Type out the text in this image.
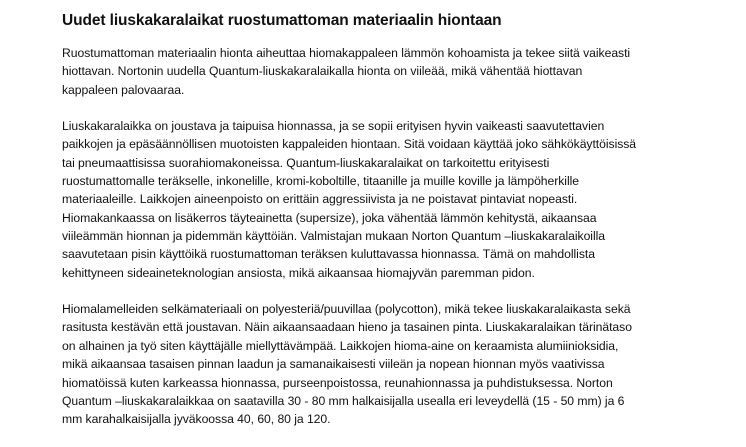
Uudet liuskakaralaikat ruostumattoman materiaalin hiontaan
Ruostumattoman materiaalin hionta aiheuttaa hiomakappaleen lämmön kohoamista ja tekee siitä vaikeasti
hiottavan. Nortonin uudella Quantum-liuskakaralaikalla hionta on viileää, mikä vähentää hiottavan
kappaleen palovaaraa.
Liuskakaralaikka on joustava ja taipuisa hionnassa, ja se sopii erityisen hyvin vaikeasti saavutettavien
paikkojen ja epäsäännöllisen muotoisten kappaleiden hiontaan. Sitä voidaan käyttää joko sähkökäyttöisissä
tai pneumaattisissa suorahiomakoneissa. Quantum-liuskakaralaikat on tarkoitettu erityisesti
ruostumattomalle teräkselle, inkonelille, kromi-koboltille, titaanille ja muille koville ja lämpöherkille
materiaaleille. Laikkojen aineenpoisto on erittäin aggressiivista ja ne poistavat pintaviat nopeasti.
Hiomakankaassa on lisäkerros täyteainetta (supersize), joka vähentää lämmön kehitystä, aikaansaa
viileämmän hionnan ja pidemmän käyttöiän. Valmistajan mukaan Norton Quantum –liuskakaralaikoilla
saavutetaan pisin käyttöikä ruostumattoman teräksen kuluttavassa hionnassa. Tämä on mahdollista
kehittyneen sideaineteknologian ansiosta, mikä aikaansaa hiomajyvän paremman pidon.
Hiomalamelleiden selkämateriaali on polyesteriä/puuvillaa (polycotton), mikä tekee liuskakaralaikasta sekä
rasitusta kestävän että joustavan. Näin aikaansaadaan hieno ja tasainen pinta. Liuskakaralaikan tärinätaso
on alhainen ja työ siten käyttäjälle miellyttävämpää. Laikkojen hioma-aine on keraamista alumiinioksidia,
mikä aikaansaa tasaisen pinnan laadun ja samanaikaisesti viileän ja nopean hionnan myös vaativissa
hiomatöissä kuten karkeassa hionnassa, purseenpoistossa, reunahionnassa ja puhdistuksessa. Norton
Quantum –liuskakaralaikkaa on saatavilla 30 - 80 mm halkaisijalla usealla eri leveydellä (15 - 50 mm) ja 6
mm karahalkaisijalla jyväkoossa 40, 60, 80 ja 120.
